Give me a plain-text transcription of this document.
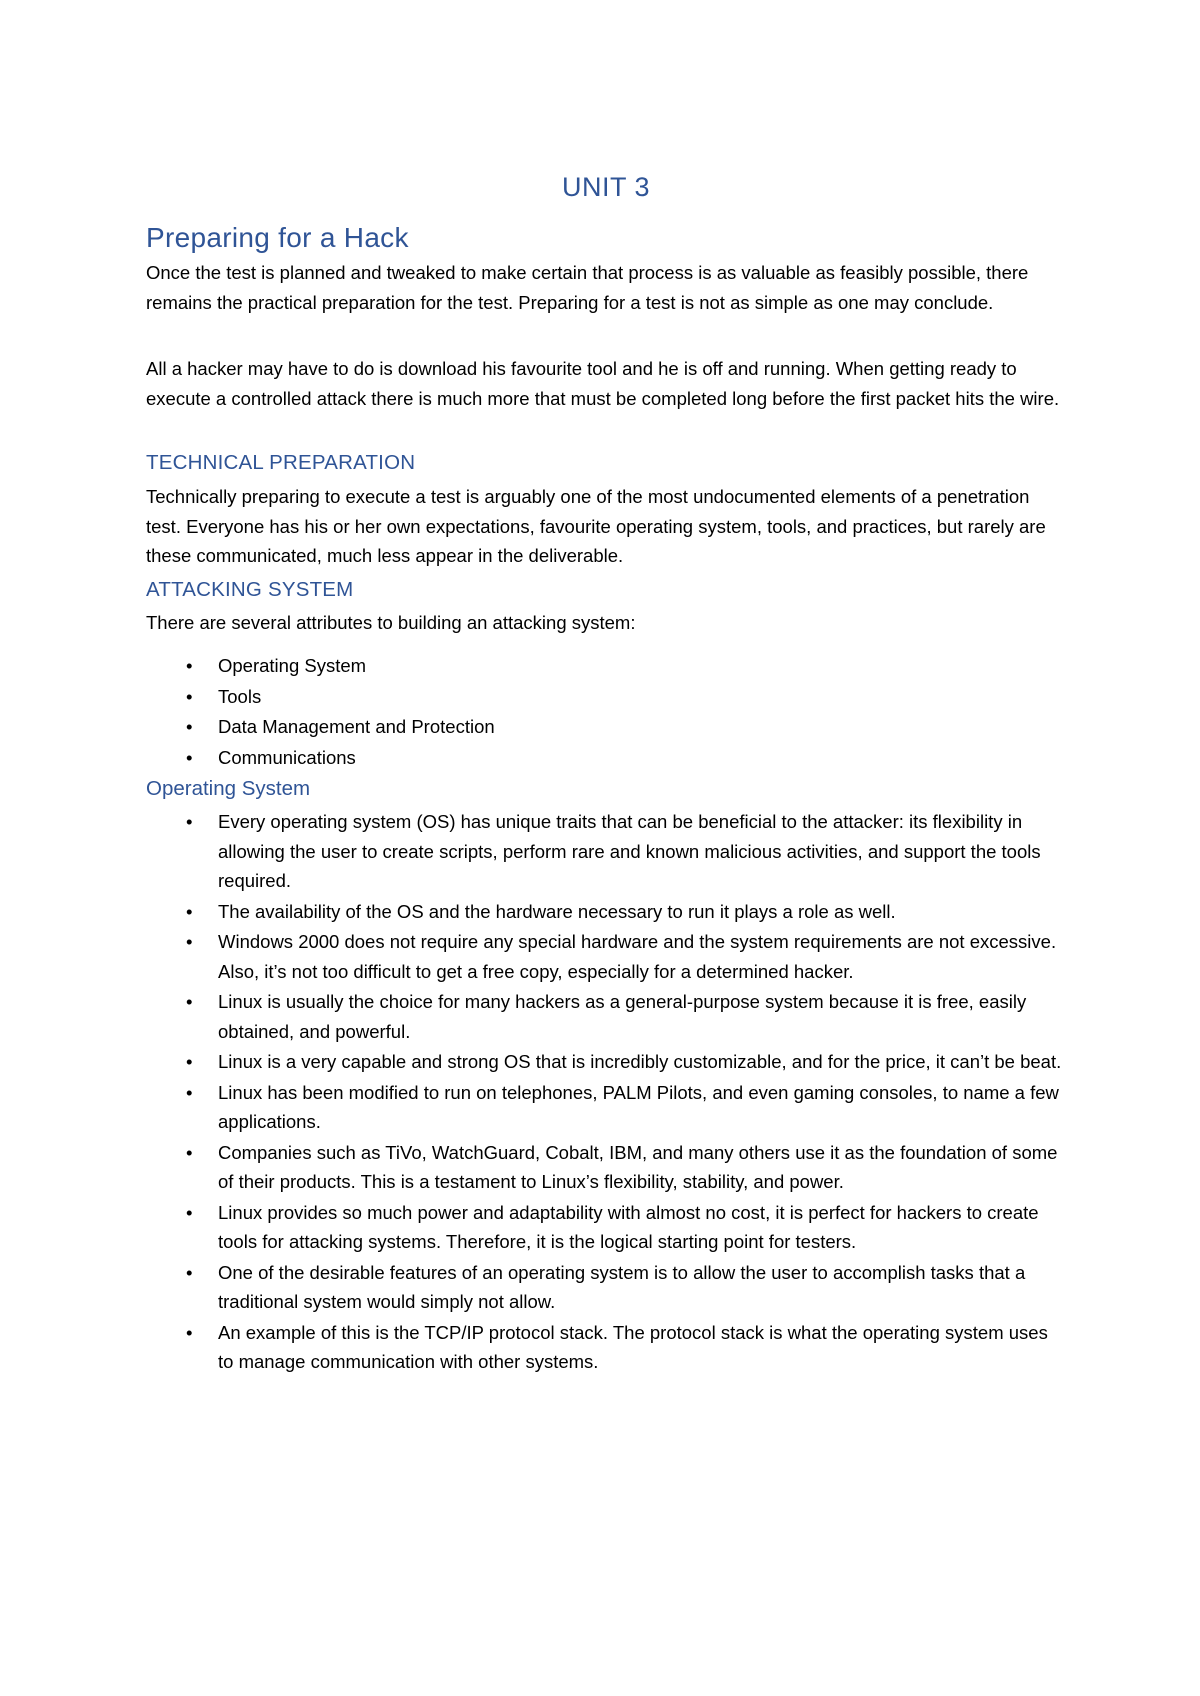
UNIT 3
Preparing for a Hack
Once the test is planned and tweaked to make certain that process is as valuable as feasibly possible, there remains the practical preparation for the test. Preparing for a test is not as simple as one may conclude.
All a hacker may have to do is download his favourite tool and he is off and running. When getting ready to execute a controlled attack there is much more that must be completed long before the first packet hits the wire.
TECHNICAL PREPARATION
Technically preparing to execute a test is arguably one of the most undocumented elements of a penetration test. Everyone has his or her own expectations, favourite operating system, tools, and practices, but rarely are these communicated, much less appear in the deliverable.
ATTACKING SYSTEM
There are several attributes to building an attacking system:
• Operating System
• Tools
• Data Management and Protection
• Communications
Operating System
• Every operating system (OS) has unique traits that can be beneficial to the attacker: its flexibility in allowing the user to create scripts, perform rare and known malicious activities, and support the tools required.
• The availability of the OS and the hardware necessary to run it plays a role as well.
• Windows 2000 does not require any special hardware and the system requirements are not excessive. Also, it’s not too difficult to get a free copy, especially for a determined hacker.
• Linux is usually the choice for many hackers as a general-purpose system because it is free, easily obtained, and powerful.
• Linux is a very capable and strong OS that is incredibly customizable, and for the price, it can’t be beat.
• Linux has been modified to run on telephones, PALM Pilots, and even gaming consoles, to name a few applications.
• Companies such as TiVo, WatchGuard, Cobalt, IBM, and many others use it as the foundation of some of their products. This is a testament to Linux’s flexibility, stability, and power.
• Linux provides so much power and adaptability with almost no cost, it is perfect for hackers to create tools for attacking systems. Therefore, it is the logical starting point for testers.
• One of the desirable features of an operating system is to allow the user to accomplish tasks that a traditional system would simply not allow.
• An example of this is the TCP/IP protocol stack. The protocol stack is what the operating system uses to manage communication with other systems.
